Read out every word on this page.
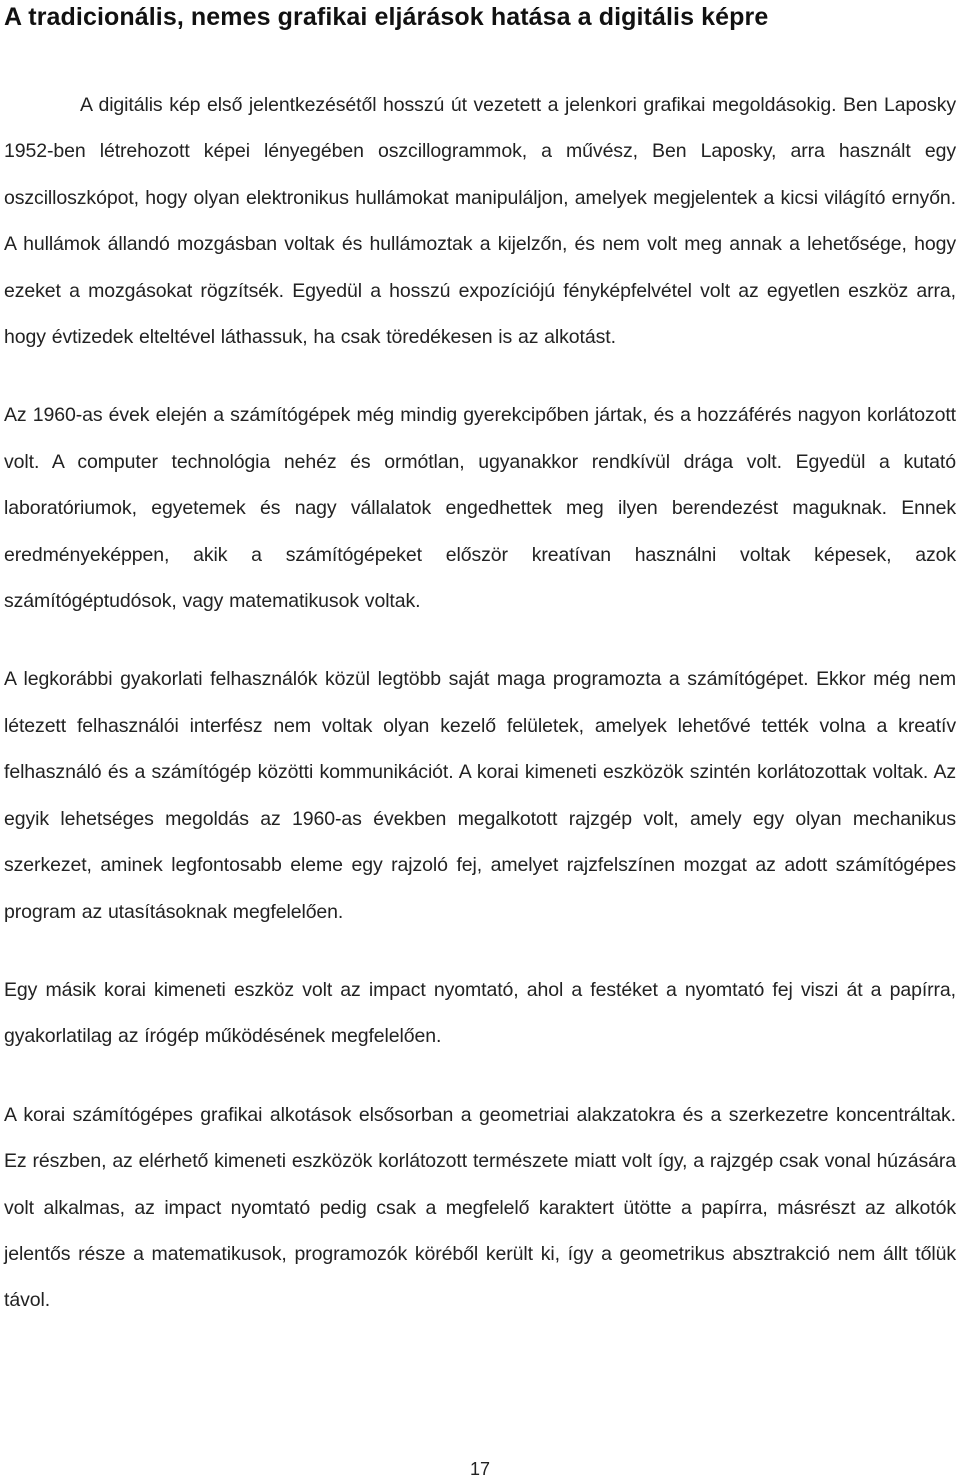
A tradicionális, nemes grafikai eljárások hatása a digitális képre

A digitális kép első jelentkezésétől hosszú út vezetett a jelenkori grafikai megoldásokig. Ben Laposky 1952-ben létrehozott képei lényegében oszcillogrammok, a művész, Ben Laposky, arra használt egy oszcilloszkópot, hogy olyan elektronikus hullámokat manipuláljon, amelyek megjelentek a kicsi világító ernyőn. A hullámok állandó mozgásban voltak és hullámoztak a kijelzőn, és nem volt meg annak a lehetősége, hogy ezeket a mozgásokat rögzítsék. Egyedül a hosszú expozíciójú fényképfelvétel volt az egyetlen eszköz arra, hogy évtizedek elteltével láthassuk, ha csak töredékesen is az alkotást.

Az 1960-as évek elején a számítógépek még mindig gyerekcipőben jártak, és a hozzáférés nagyon korlátozott volt. A computer technológia nehéz és ormótlan, ugyanakkor rendkívül drága volt. Egyedül a kutató laboratóriumok, egyetemek és nagy vállalatok engedhettek meg ilyen berendezést maguknak. Ennek eredményeképpen, akik a számítógépeket először kreatívan használni voltak képesek, azok számítógéptudósok, vagy matematikusok voltak.

A legkorábbi gyakorlati felhasználók közül legtöbb saját maga programozta a számítógépet. Ekkor még nem létezett felhasználói interfész nem voltak olyan kezelő felületek, amelyek lehetővé tették volna a kreatív felhasználó és a számítógép közötti kommunikációt. A korai kimeneti eszközök szintén korlátozottak voltak. Az egyik lehetséges megoldás az 1960-as években megalkotott rajzgép volt, amely egy olyan mechanikus szerkezet, aminek legfontosabb eleme egy rajzoló fej, amelyet rajzfelszínen mozgat az adott számítógépes program az utasításoknak megfelelően.

Egy másik korai kimeneti eszköz volt az impact nyomtató, ahol a festéket a nyomtató fej viszi át a papírra, gyakorlatilag az írógép működésének megfelelően.

A korai számítógépes grafikai alkotások elsősorban a geometriai alakzatokra és a szerkezetre koncentráltak. Ez részben, az elérhető kimeneti eszközök korlátozott természete miatt volt így, a rajzgép csak vonal húzására volt alkalmas, az impact nyomtató pedig csak a megfelelő karaktert ütötte a papírra, másrészt az alkotók jelentős része a matematikusok, programozók köréből került ki, így a geometrikus absztrakció nem állt tőlük távol.

17
